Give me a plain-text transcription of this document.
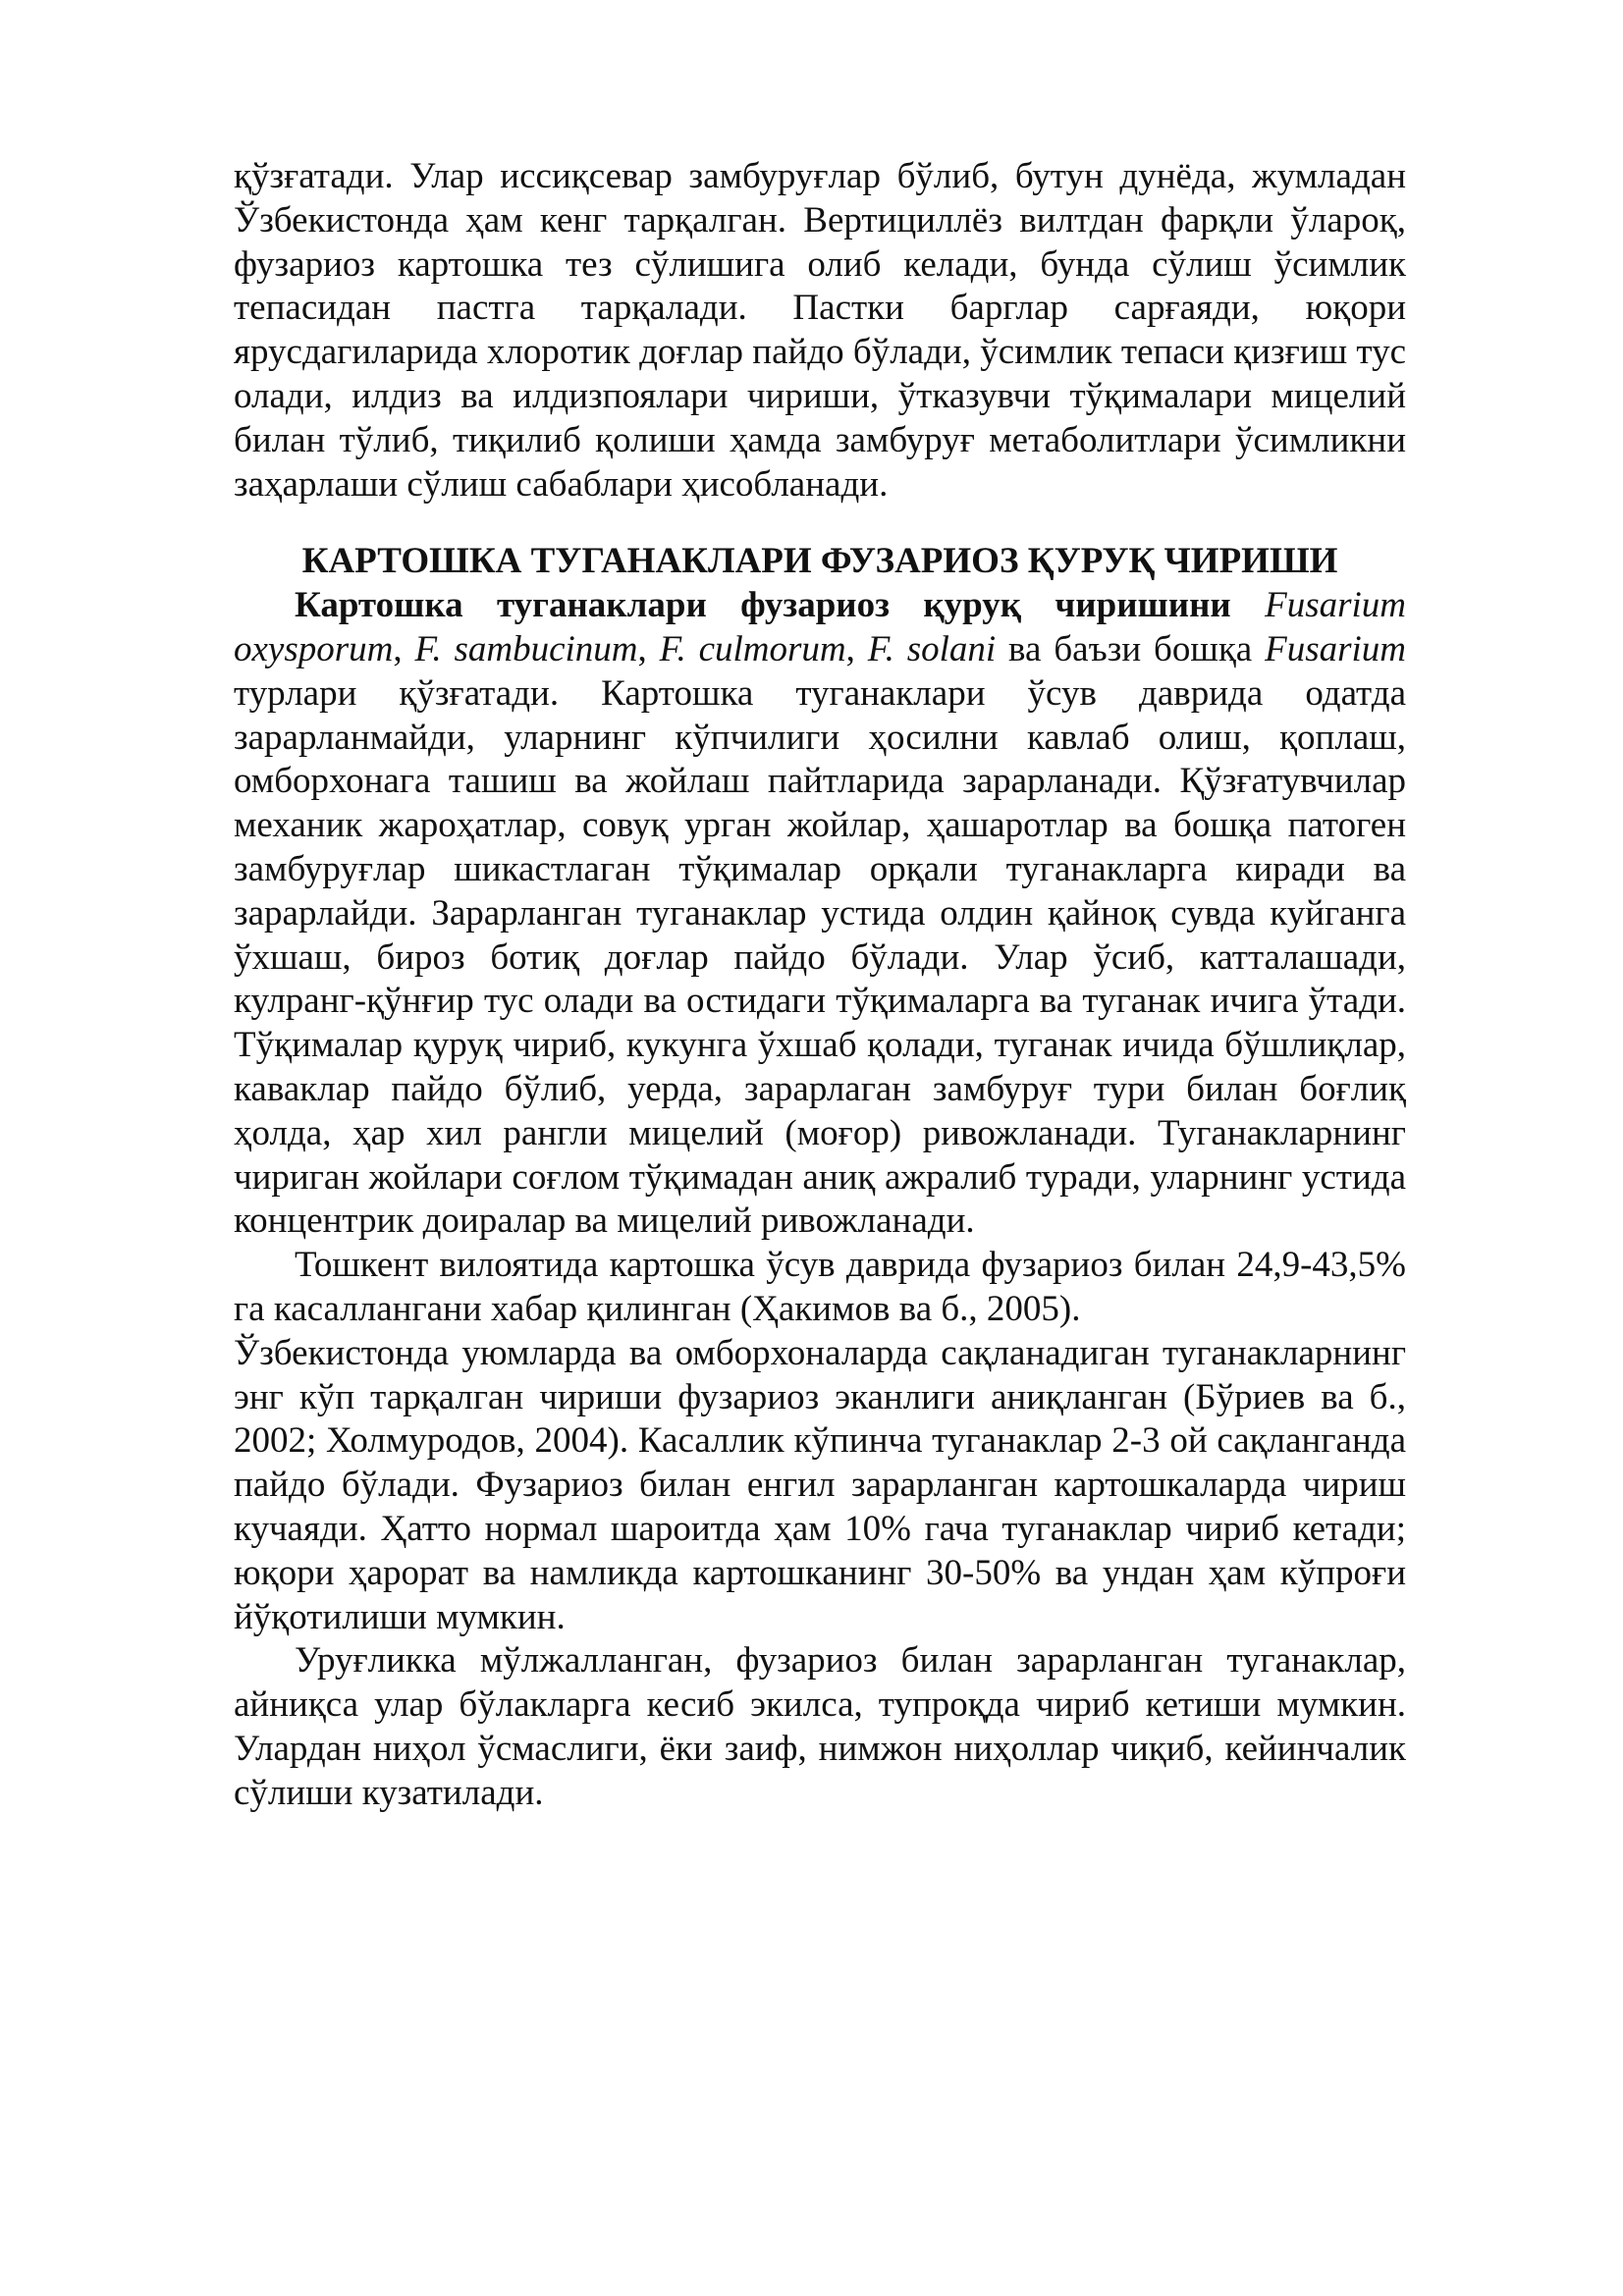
қўзғатади. Улар иссиқсевар замбуруғлар бўлиб, бутун дунёда, жумладан Ўзбекистонда ҳам кенг тарқалган. Вертициллёз вилтдан фарқли ўлароқ, фузариоз картошка тез сўлишига олиб келади, бунда сўлиш ўсимлик тепасидан пастга тарқалади. Пастки барглар сарғаяди, юқори ярусдагиларида хлоротик доғлар пайдо бўлади, ўсимлик тепаси қизғиш тус олади, илдиз ва илдизпоялари чириши, ўтказувчи тўқималари мицелий билан тўлиб, тиқилиб қолиши ҳамда замбуруғ метаболитлари ўсимликни заҳарлаши сўлиш сабаблари ҳисобланади.

КАРТОШКА ТУГАНАКЛАРИ ФУЗАРИОЗ ҚУРУҚ ЧИРИШИ

Картошка туганаклари фузариоз қуруқ чиришини Fusarium oxysporum, F. sambucinum, F. culmorum, F. solani ва баъзи бошқа Fusarium турлари қўзғатади. Картошка туганаклари ўсув даврида одатда зарарланмайди, уларнинг кўпчилиги ҳосилни кавлаб олиш, қоплаш, омборхонага ташиш ва жойлаш пайтларида зарарланади. Қўзғатувчилар механик жароҳатлар, совуқ урган жойлар, ҳашаротлар ва бошқа патоген замбуруғлар шикастлаган тўқималар орқали туганакларга киради ва зарарлайди. Зарарланган туганаклар устида олдин қайноқ сувда куйганга ўхшаш, бироз ботиқ доғлар пайдо бўлади. Улар ўсиб, катталашади, кулранг-қўнғир тус олади ва остидаги тўқималарга ва туганак ичига ўтади. Тўқималар қуруқ чириб, кукунга ўхшаб қолади, туганак ичида бўшлиқлар, каваклар пайдо бўлиб, уерда, зарарлаган замбуруғ тури билан боғлиқ ҳолда, ҳар хил рангли мицелий (моғор) ривожланади. Туганакларнинг чириган жойлари соғлом тўқимадан аниқ ажралиб туради, уларнинг устида концентрик доиралар ва мицелий ривожланади.

Тошкент вилоятида картошка ўсув даврида фузариоз билан 24,9-43,5% га касаллангани хабар қилинган (Ҳакимов ва б., 2005).

Ўзбекистонда уюмларда ва омборхоналарда сақланадиган туганакларнинг энг кўп тарқалган чириши фузариоз эканлиги аниқланган (Бўриев ва б., 2002; Холмуродов, 2004). Касаллик кўпинча туганаклар 2-3 ой сақланганда пайдо бўлади. Фузариоз билан енгил зарарланган картошкаларда чириш кучаяди. Ҳатто нормал шароитда ҳам 10% гача туганаклар чириб кетади; юқори ҳарорат ва намликда картошканинг 30-50% ва ундан ҳам кўпроғи йўқотилиши мумкин.

Уруғликка мўлжалланган, фузариоз билан зарарланган туганаклар, айниқса улар бўлакларга кесиб экилса, тупроқда чириб кетиши мумкин. Улардан ниҳол ўсмаслиги, ёки заиф, нимжон ниҳоллар чиқиб, кейинчалик сўлиши кузатилади.
